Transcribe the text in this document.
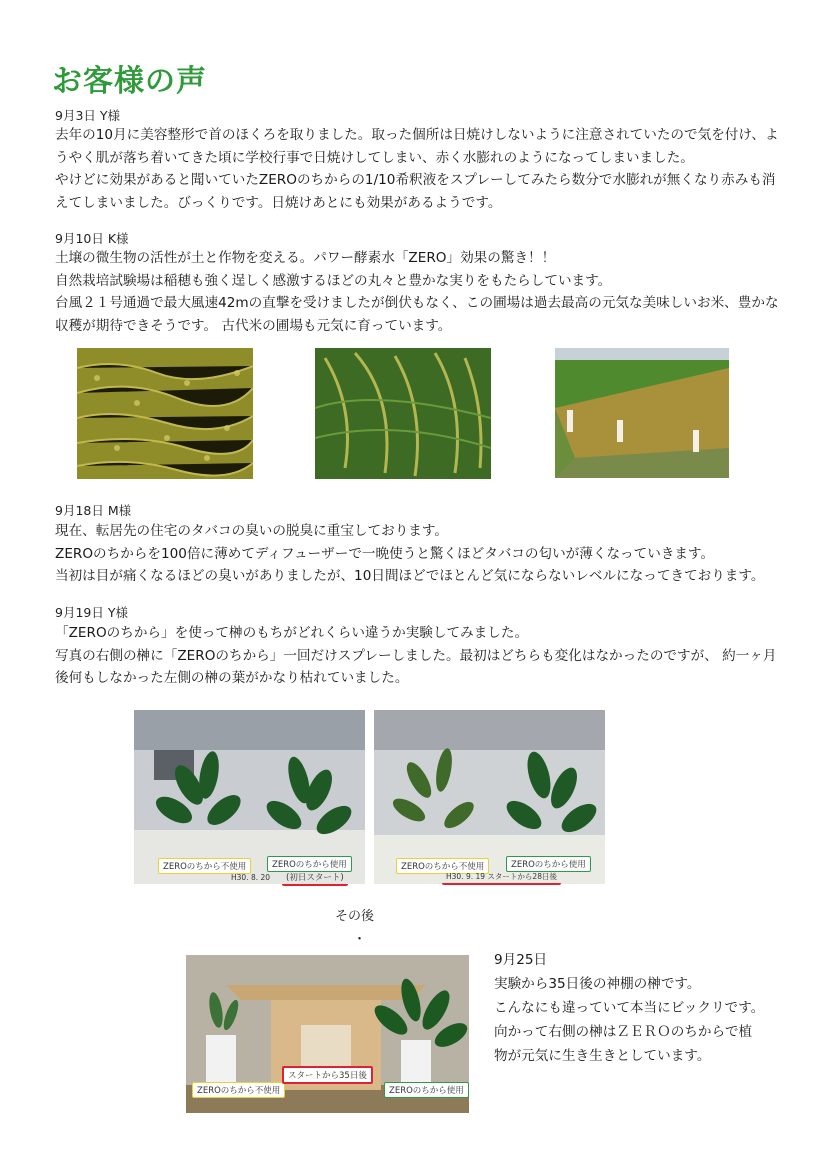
お客様の声
9月3日 Y様

去年の10月に美容整形で首のほくろを取りました。取った個所は日焼けしないように注意されていたので気を付け、ようやく肌が落ち着いてきた頃に学校行事で日焼けしてしまい、赤く水膨れのようになってしまいました。

やけどに効果があると聞いていたZEROのちからの1/10希釈液をスプレーしてみたら数分で水膨れが無くなり赤みも消えてしまいました。びっくりです。日焼けあとにも効果があるようです。

9月10日 K様

土壌の微生物の活性が土と作物を変える。パワー酵素水「ZERO」効果の驚き！！

自然栽培試験場は稲穂も強く逞しく感激するほどの丸々と豊かな実りをもたらしています。

台風２１号通過で最大風速42mの直撃を受けましたが倒伏もなく、この圃場は過去最高の元気な美味しいお米、豊かな収穫が期待できそうです。 古代米の圃場も元気に育っています。

9月18日 M様

現在、転居先の住宅のタバコの臭いの脱臭に重宝しております。

ZEROのちからを100倍に薄めてディフューザーで一晩使うと驚くほどタバコの匂いが薄くなっていきます。

当初は目が痛くなるほどの臭いがありましたが、10日間ほどでほとんど気にならないレベルになってきております。

9月19日 Y様

「ZEROのちから」を使って榊のもちがどれくらい違うか実験してみました。

写真の右側の榊に「ZEROのちから」一回だけスプレーしました。最初はどちらも変化はなかったのですが、 約一ヶ月後何もしなかった左側の榊の葉がかなり枯れていました。

ZEROのちから不使用	ZEROのちから使用
H30. 8. 20	(初日スタート)
ZEROのちから不使用	ZEROのちから使用
H30. 9. 19 スタートから28日後
その後
・
ZEROのちから不使用
スタートから35日後
ZEROのちから使用

9月25日

実験から35日後の神棚の榊です。

こんなにも違っていて本当にビックリです。

向かって右側の榊はＺＥＲＯのちからで植

物が元気に生き生きとしています。
